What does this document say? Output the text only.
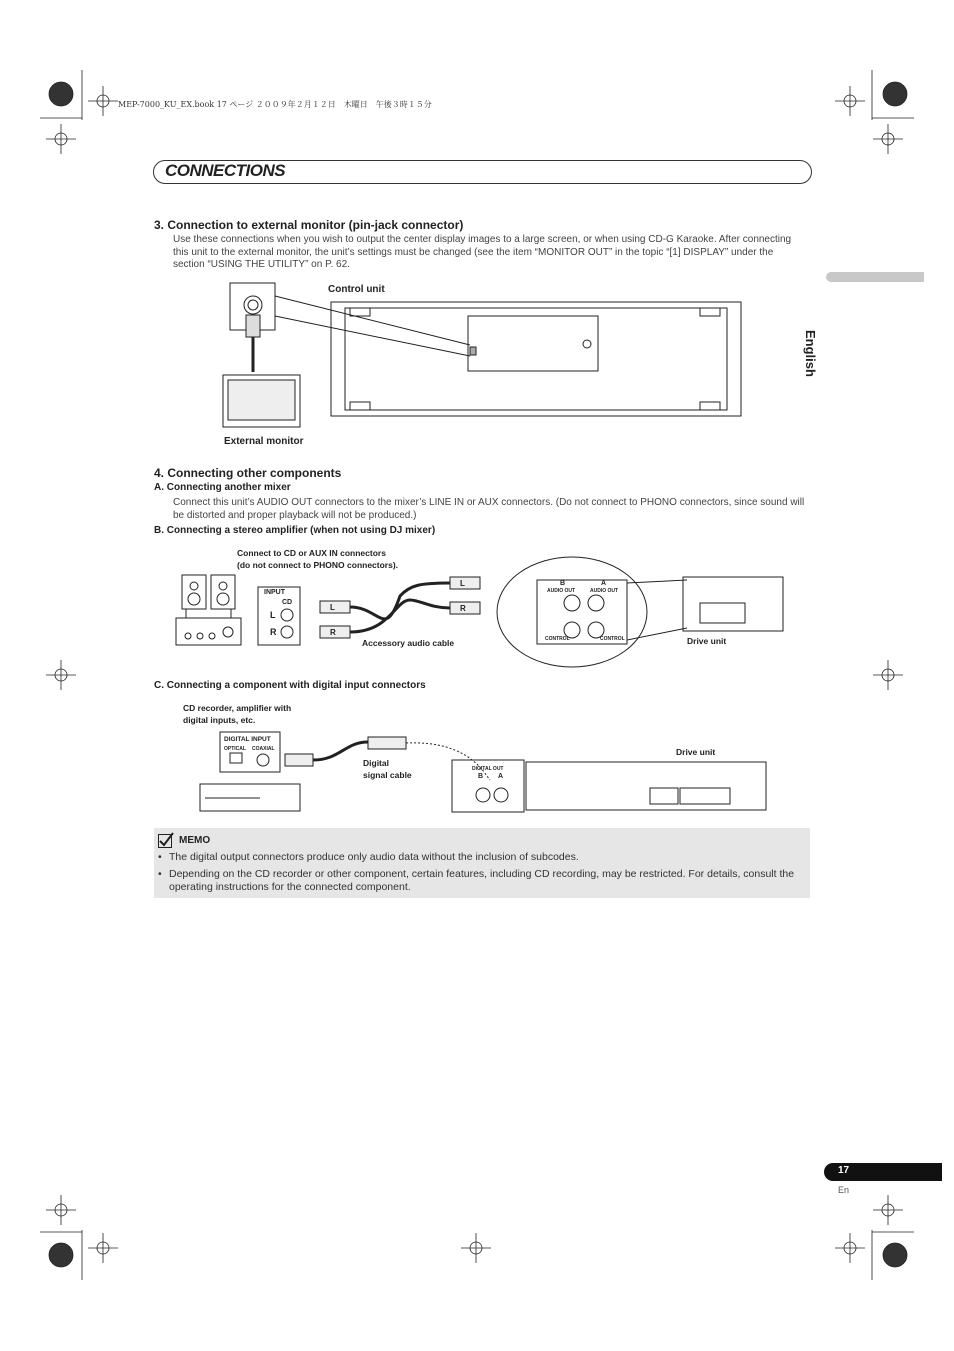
MEP-7000_KU_EX.book 17 ページ ２００９年２月１２日　木曜日　午後３時１５分
CONNECTIONS
English
3. Connection to external monitor (pin-jack connector)
Use these connections when you wish to output the center display images to a large screen, or when using CD-G Karaoke. After connecting this unit to the external monitor, the unit’s settings must be changed (see the item “MONITOR OUT” in the topic “[1] DISPLAY” under the section “USING THE UTILITY” on P. 62.
Control unit
External monitor
4. Connecting other components
A. Connecting another mixer
Connect this unit’s AUDIO OUT connectors to the mixer’s LINE IN or AUX connectors. (Do not connect to PHONO connectors, since sound will be distorted and proper playback will not be produced.)
B. Connecting a stereo amplifier (when not using DJ mixer)
Connect to CD or AUX IN connectors
(do not connect to PHONO connectors).
Accessory audio cable	Drive unit
INPUT
CD
L
R
L
R
L
R
B	A
AUDIO OUT	AUDIO OUT
CONTROL	CONTROL
C. Connecting a component with digital input connectors
CD recorder, amplifier with
digital inputs, etc.
Digital
signal cable
Drive unit
DIGITAL INPUT
OPTICAL COAXIAL
DIGITAL OUT
B A
MEMO
• The digital output connectors produce only audio data without the inclusion of subcodes.
• Depending on the CD recorder or other component, certain features, including CD recording, may be restricted. For details, consult the operating instructions for the connected component.
17
En
